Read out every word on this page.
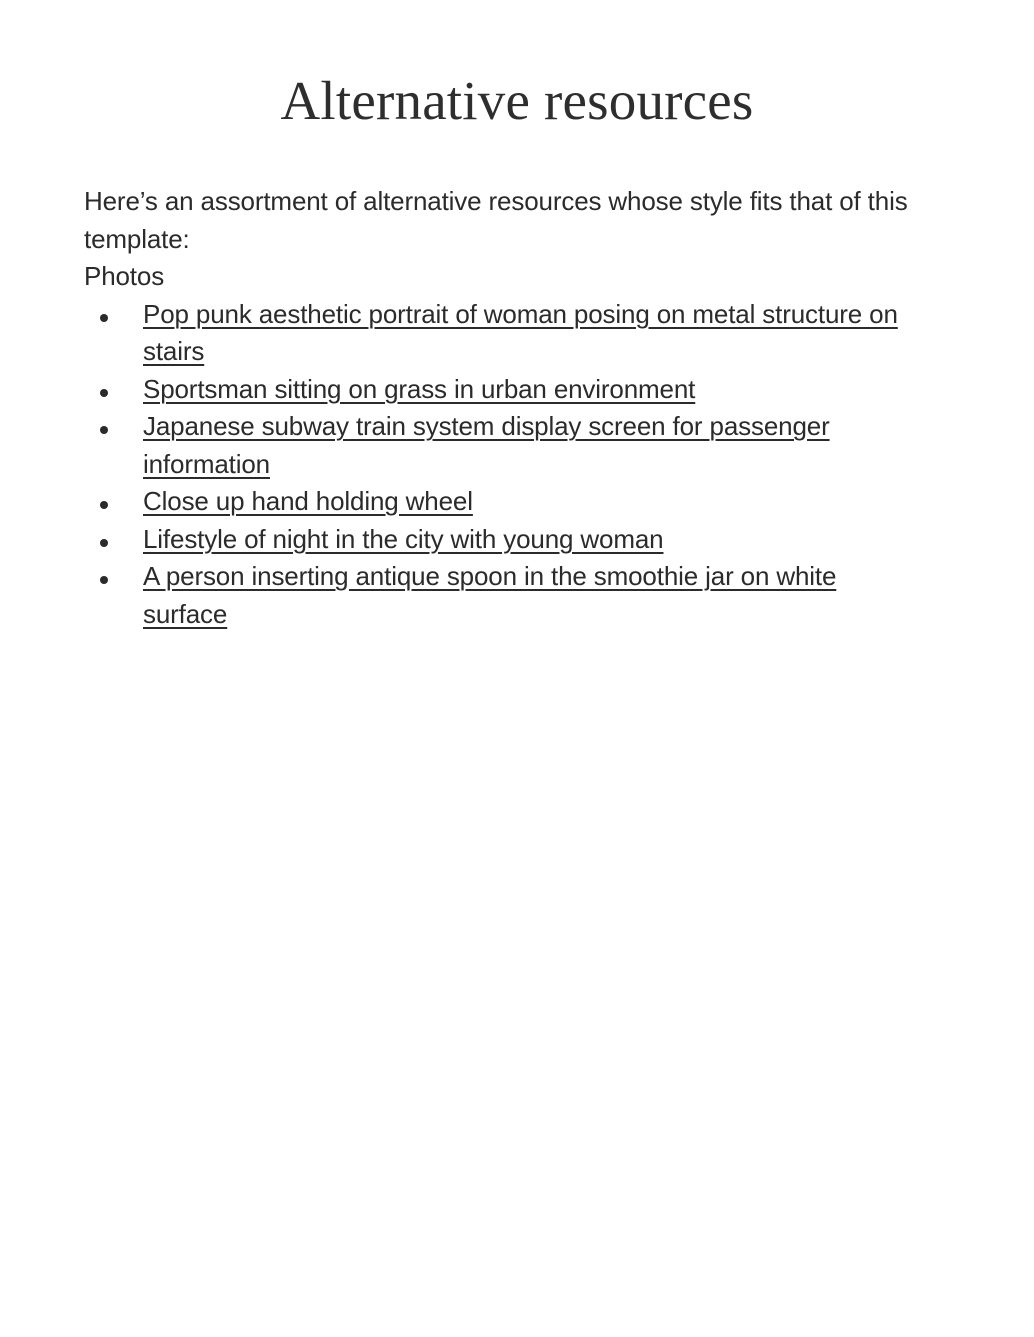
Alternative resources

Here’s an assortment of alternative resources whose style fits that of this template:

Photos

Pop punk aesthetic portrait of woman posing on metal structure on stairs
Sportsman sitting on grass in urban environment
Japanese subway train system display screen for passenger information
Close up hand holding wheel
Lifestyle of night in the city with young woman
A person inserting antique spoon in the smoothie jar on white surface
